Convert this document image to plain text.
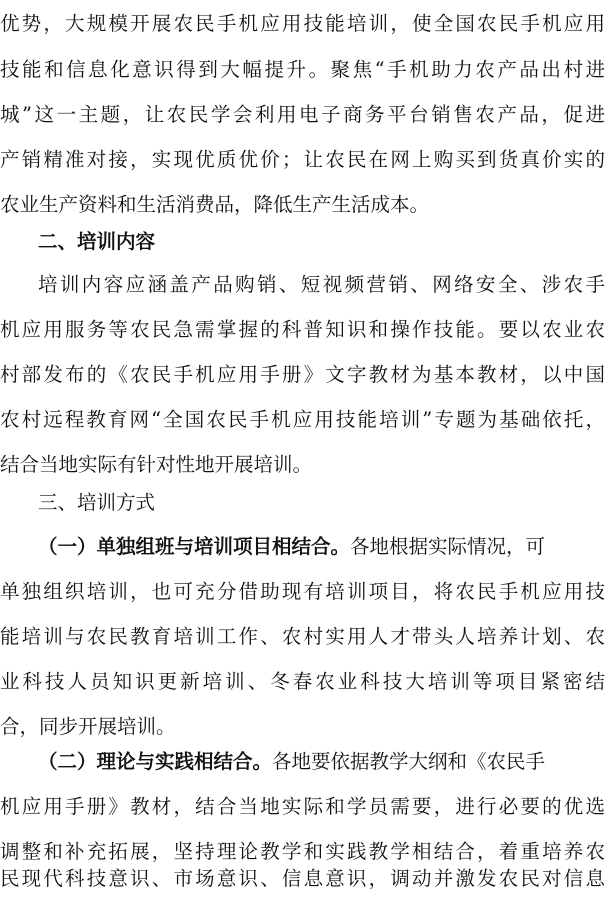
优势，大规模开展农民手机应用技能培训，使全国农民手机应用
技能和信息化意识得到大幅提升。聚焦“手机助力农产品出村进
城”这一主题，让农民学会利用电子商务平台销售农产品，促进
产销精准对接，实现优质优价；让农民在网上购买到货真价实的
农业生产资料和生活消费品，降低生产生活成本。
二、培训内容
培训内容应涵盖产品购销、短视频营销、网络安全、涉农手
机应用服务等农民急需掌握的科普知识和操作技能。要以农业农
村部发布的《农民手机应用手册》文字教材为基本教材，以中国
农村远程教育网“全国农民手机应用技能培训”专题为基础依托，
结合当地实际有针对性地开展培训。
三、培训方式
（一）单独组班与培训项目相结合。各地根据实际情况，可
单独组织培训，也可充分借助现有培训项目，将农民手机应用技
能培训与农民教育培训工作、农村实用人才带头人培养计划、农
业科技人员知识更新培训、冬春农业科技大培训等项目紧密结
合，同步开展培训。
（二）理论与实践相结合。各地要依据教学大纲和《农民手
机应用手册》教材，结合当地实际和学员需要，进行必要的优选
调整和补充拓展，坚持理论教学和实践教学相结合，着重培养农
民现代科技意识、市场意识、信息意识，调动并激发农民对信息
